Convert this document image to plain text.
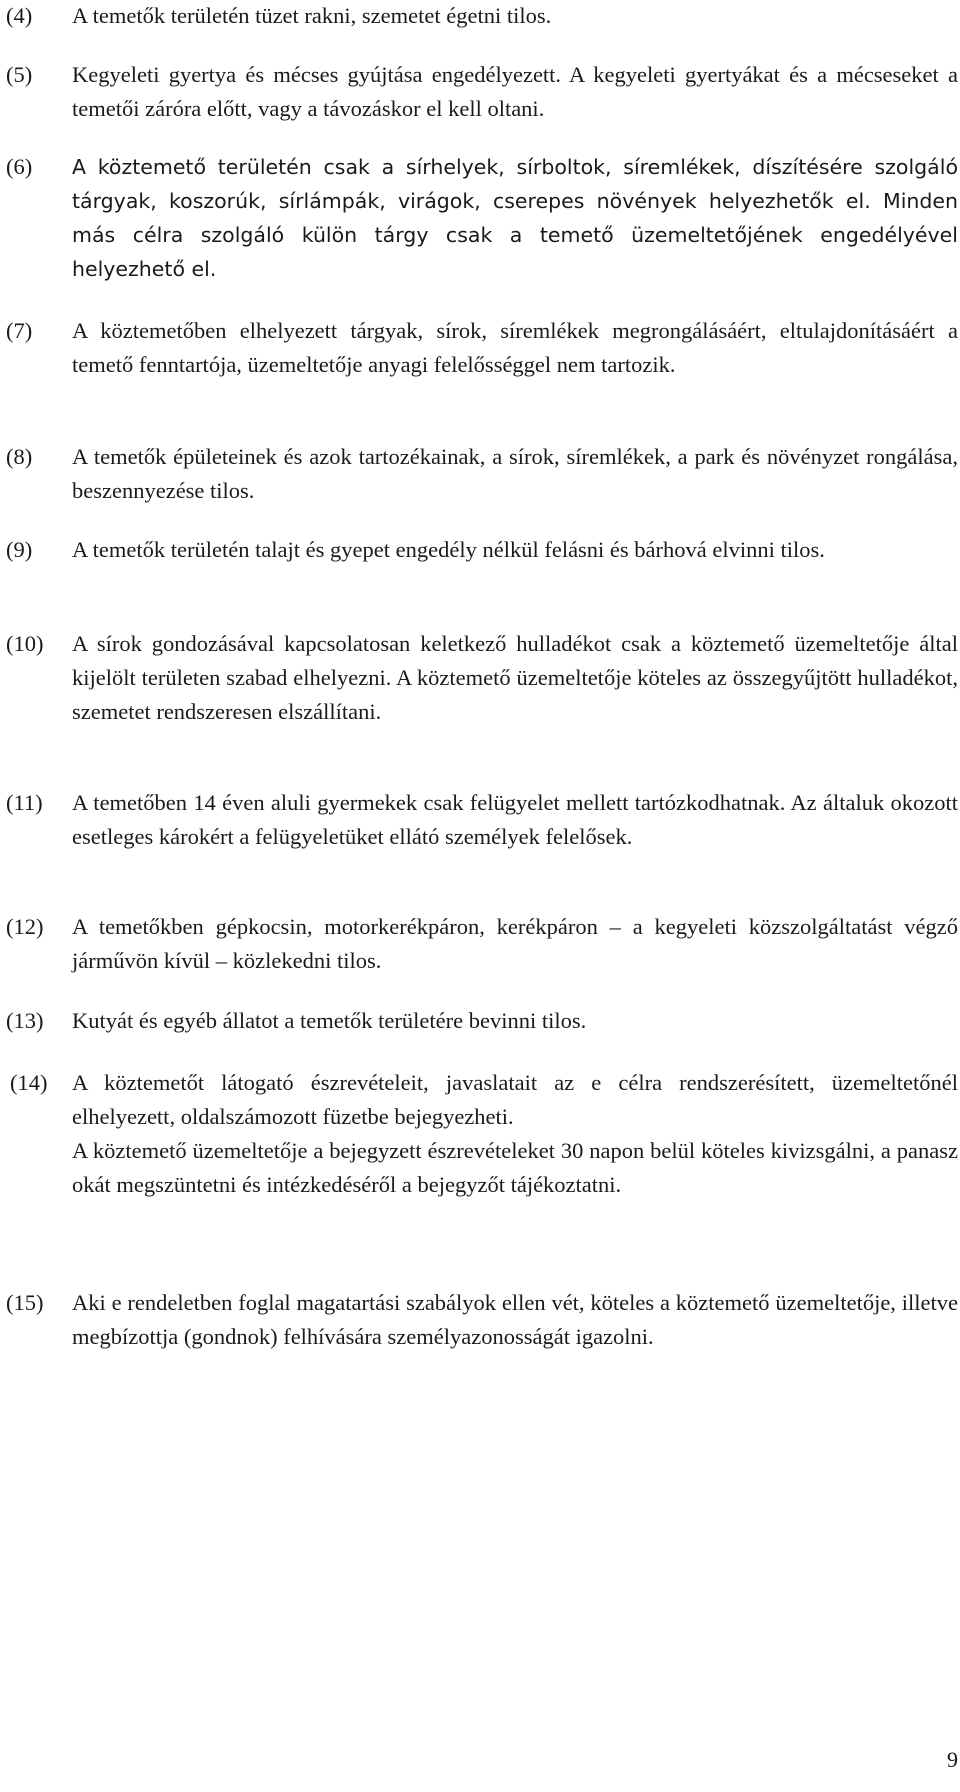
(4) A temetők területén tüzet rakni, szemetet égetni tilos.
(5) Kegyeleti gyertya és mécses gyújtása engedélyezett. A kegyeleti gyertyákat és a mécseseket a temetői záróra előtt, vagy a távozáskor el kell oltani.
(6) A köztemető területén csak a sírhelyek, sírboltok, síremlékek, díszítésére szolgáló tárgyak, koszorúk, sírlámpák, virágok, cserepes növények helyezhetők el. Minden más célra szolgáló külön tárgy csak a temető üzemeltetőjének engedélyével helyezhető el.
(7) A köztemetőben elhelyezett tárgyak, sírok, síremlékek megrongálásáért, eltulajdonításáért a temető fenntartója, üzemeltetője anyagi felelősséggel nem tartozik.
(8) A temetők épületeinek és azok tartozékainak, a sírok, síremlékek, a park és növényzet rongálása, beszennyezése tilos.
(9) A temetők területén talajt és gyepet engedély nélkül felásni és bárhová elvinni tilos.
(10) A sírok gondozásával kapcsolatosan keletkező hulladékot csak a köztemető üzemeltetője által kijelölt területen szabad elhelyezni. A köztemető üzemeltetője köteles az összegyűjtött hulladékot, szemetet rendszeresen elszállítani.
(11) A temetőben 14 éven aluli gyermekek csak felügyelet mellett tartózkodhatnak. Az általuk okozott esetleges károkért a felügyeletüket ellátó személyek felelősek.
(12) A temetőkben gépkocsin, motorkerékpáron, kerékpáron – a kegyeleti közszolgáltatást végző járművön kívül – közlekedni tilos.
(13) Kutyát és egyéb állatot a temetők területére bevinni tilos.
(14) A köztemetőt látogató észrevételeit, javaslatait az e célra rendszerésített, üzemeltetőnél elhelyezett, oldalszámozott füzetbe bejegyezheti.
A köztemető üzemeltetője a bejegyzett észrevételeket 30 napon belül köteles kivizsgálni, a panasz okát megszüntetni és intézkedéséről a bejegyzőt tájékoztatni.
(15) Aki e rendeletben foglal magatartási szabályok ellen vét, köteles a köztemető üzemeltetője, illetve megbízottja (gondnok) felhívására személyazonosságát igazolni.
9
